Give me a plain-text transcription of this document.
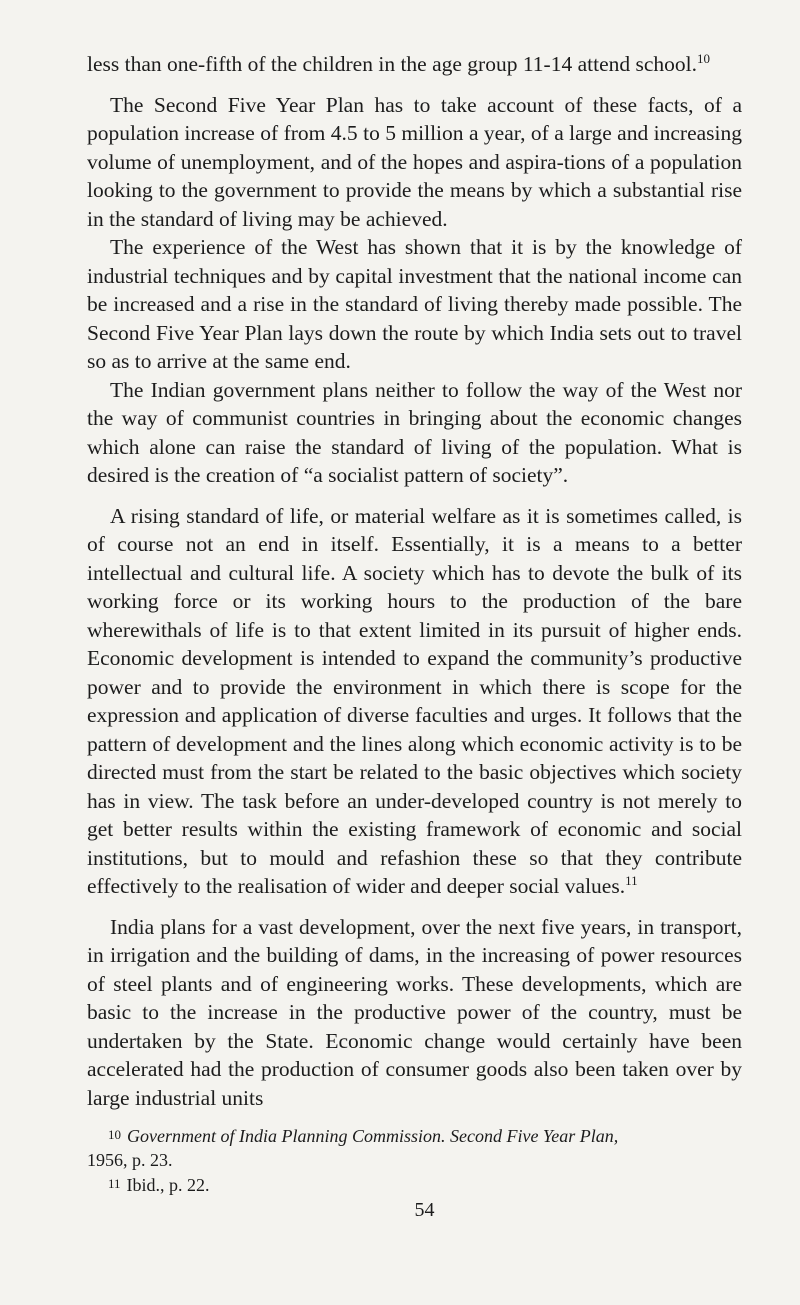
less than one-fifth of the children in the age group 11-14 attend school.$^{10}$

The Second Five Year Plan has to take account of these facts, of a population increase of from 4.5 to 5 million a year, of a large and increasing volume of unemployment, and of the hopes and aspira-tions of a population looking to the government to provide the means by which a substantial rise in the standard of living may be achieved.

The experience of the West has shown that it is by the knowledge of industrial techniques and by capital investment that the national income can be increased and a rise in the standard of living thereby made possible. The Second Five Year Plan lays down the route by which India sets out to travel so as to arrive at the same end.

The Indian government plans neither to follow the way of the West nor the way of communist countries in bringing about the economic changes which alone can raise the standard of living of the population. What is desired is the creation of “a socialist pattern of society”.

A rising standard of life, or material welfare as it is sometimes called, is of course not an end in itself. Essentially, it is a means to a better intellectual and cultural life. A society which has to devote the bulk of its working force or its working hours to the production of the bare wherewithals of life is to that extent limited in its pursuit of higher ends. Economic development is intended to expand the community’s productive power and to provide the environment in which there is scope for the expression and application of diverse faculties and urges. It follows that the pattern of development and the lines along which economic activity is to be directed must from the start be related to the basic objectives which society has in view. The task before an under-developed country is not merely to get better results within the existing framework of economic and social institutions, but to mould and refashion these so that they contribute effectively to the realisation of wider and deeper social values.$^{11}$

India plans for a vast development, over the next five years, in transport, in irrigation and the building of dams, in the increasing of power resources of steel plants and of engineering works. These developments, which are basic to the increase in the productive power of the country, must be undertaken by the State. Economic change would certainly have been accelerated had the production of consumer goods also been taken over by large industrial units

10 Government of India Planning Commission. Second Five Year Plan,
1956, p. 23.

11 Ibid., p. 22.

54
